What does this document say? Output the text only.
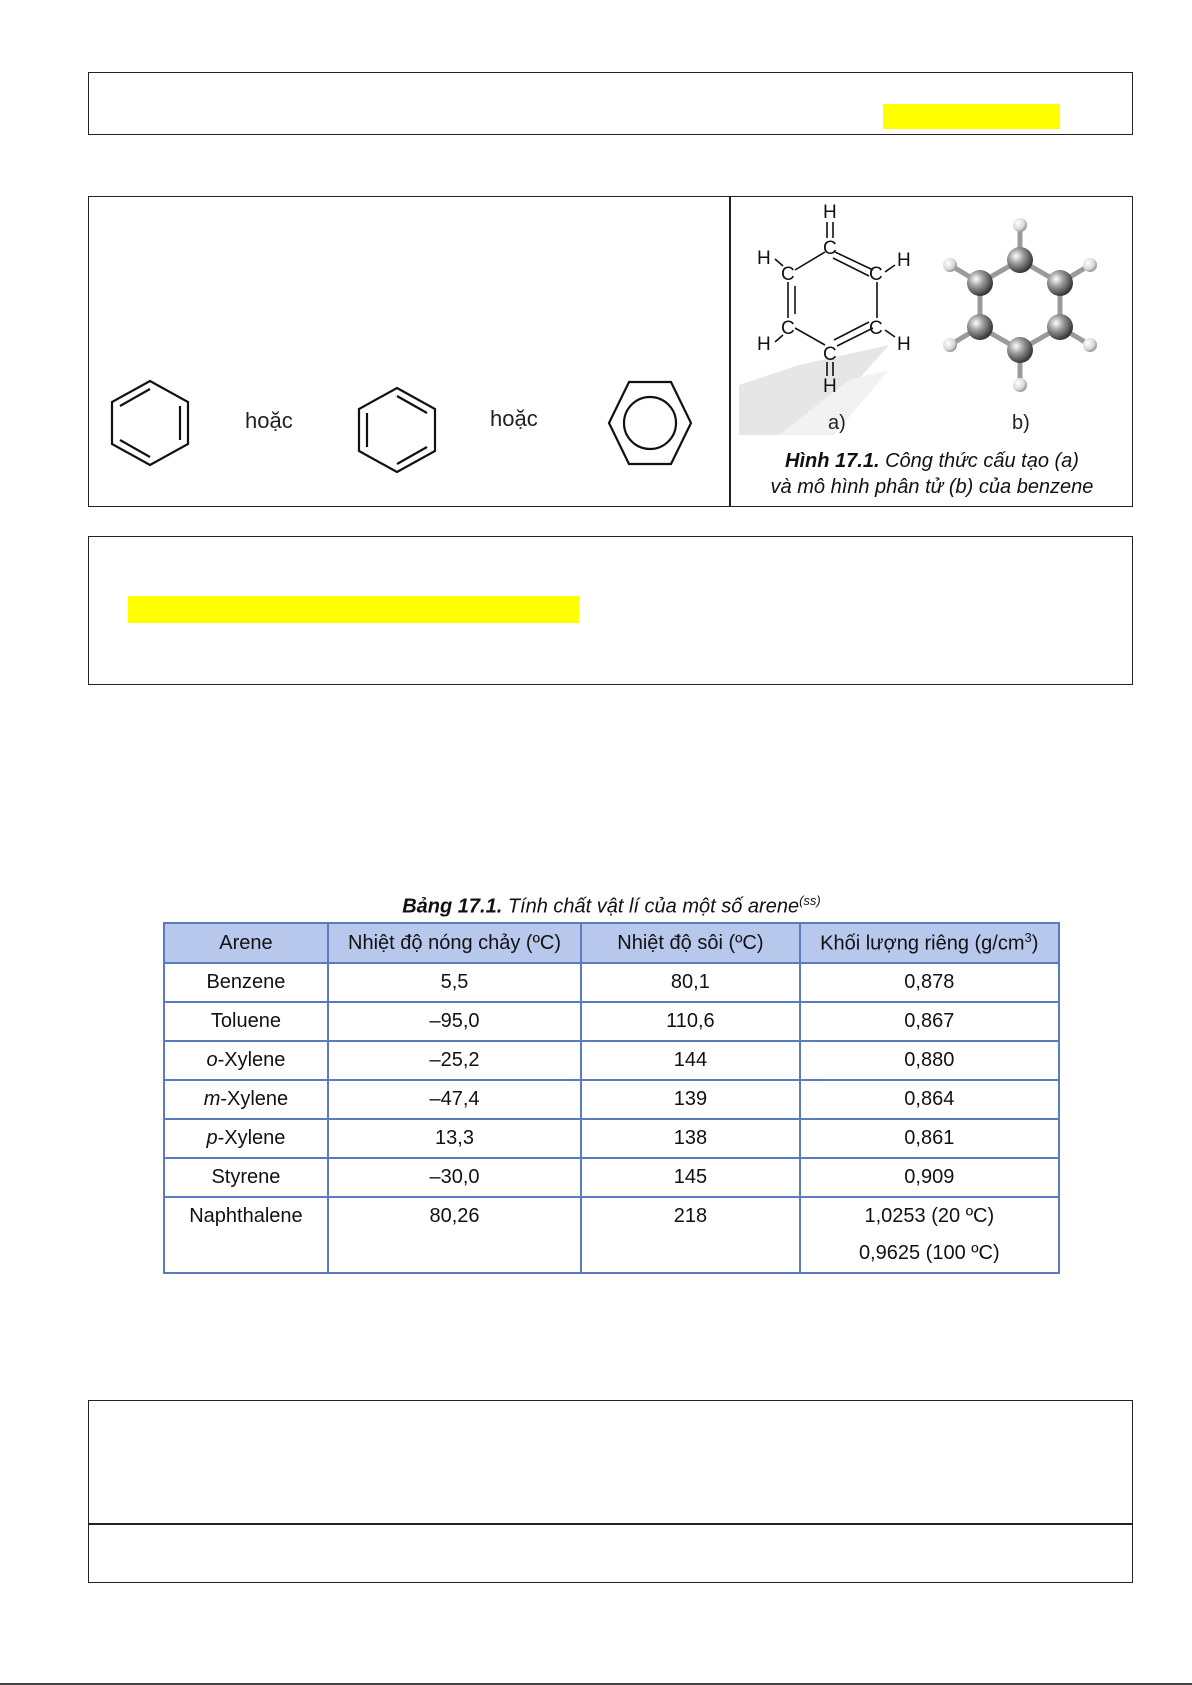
hoặc	hoặc
H
C
C
C
C
C
C
H
H
H
H
H
a)	b)
Hình 17.1. Công thức cấu tạo (a)
và mô hình phân tử (b) của benzene
Bảng 17.1. Tính chất vật lí của một số arene$^{(ss)}$
Arene	Nhiệt độ nóng chảy (ºC)	Nhiệt độ sôi (ºC)	Khối lượng riêng $(g/cm^3)$
Benzene	5,5	80,1	0,878
Toluene	–95,0	110,6	0,867
o-Xylene	–25,2	144	0,880
m-Xylene	–47,4	139	0,864
p-Xylene	13,3	138	0,861
Styrene	–30,0	145	0,909

Naphthalene	80,26	218	1,0253 (20 ºC)
0,9625 (100 ºC)
